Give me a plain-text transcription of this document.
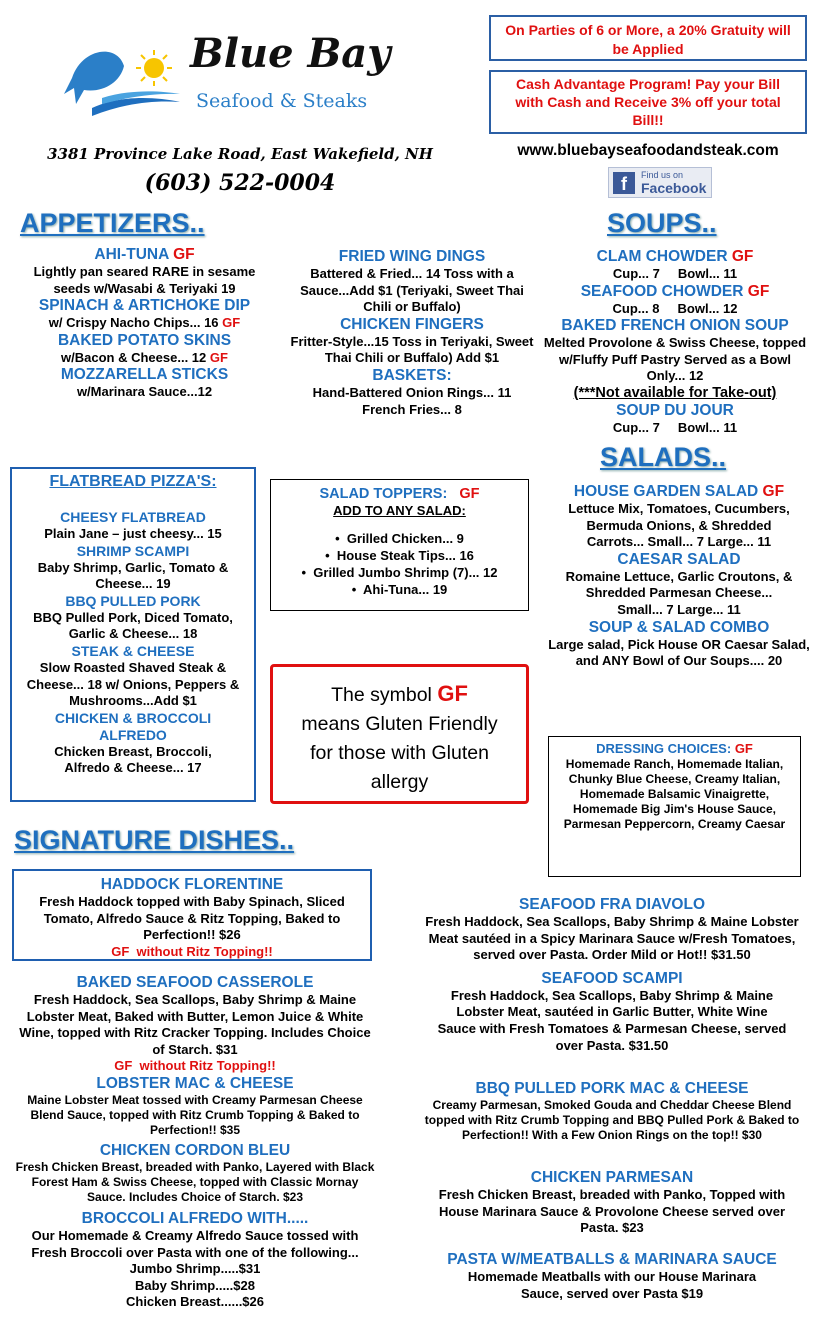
Blue Bay
Seafood & Steaks
3381 Province Lake Road, East Wakefield, NH
(603) 522-0004
On Parties of 6 or More, a 20% Gratuity will be Applied
Cash Advantage Program! Pay your Bill with Cash and Receive 3% off your total Bill!!
www.bluebayseafoodandsteak.com
f	Find us on
Facebook
APPETIZERS..
AHI-TUNA GF
Lightly pan seared RARE in sesame seeds w/Wasabi & Teriyaki 19
SPINACH & ARTICHOKE DIP
w/ Crispy Nacho Chips... 16 GF
BAKED POTATO SKINS
w/Bacon & Cheese... 12 GF
MOZZARELLA STICKS
w/Marinara Sauce...12
FRIED WING DINGS
Battered & Fried... 14 Toss with a Sauce...Add $1 (Teriyaki, Sweet Thai Chili or Buffalo)
CHICKEN FINGERS
Fritter-Style...15 Toss in Teriyaki, Sweet Thai Chili or Buffalo) Add $1
BASKETS:
Hand-Battered Onion Rings... 11
French Fries... 8
SOUPS..
CLAM CHOWDER GF
Cup... 7     Bowl... 11
SEAFOOD CHOWDER GF
Cup... 8     Bowl... 12
BAKED FRENCH ONION SOUP
Melted Provolone & Swiss Cheese, topped w/Fluffy Puff Pastry Served as a Bowl Only... 12
(***Not available for Take-out)
SOUP DU JOUR
Cup... 7     Bowl... 11
SALADS..
HOUSE GARDEN SALAD GF
Lettuce Mix, Tomatoes, Cucumbers, Bermuda Onions, & Shredded Carrots... Small... 7 Large... 11
CAESAR SALAD
Romaine Lettuce, Garlic Croutons, & Shredded Parmesan Cheese... Small... 7 Large... 11
SOUP & SALAD COMBO
Large salad, Pick House OR Caesar Salad, and ANY Bowl of Our Soups.... 20
DRESSING CHOICES: GF
Homemade Ranch, Homemade Italian, Chunky Blue Cheese, Creamy Italian, Homemade Balsamic Vinaigrette, Homemade Big Jim's House Sauce, Parmesan Peppercorn, Creamy Caesar
FLATBREAD PIZZA'S:
CHEESY FLATBREAD
Plain Jane – just cheesy... 15
SHRIMP SCAMPI
Baby Shrimp, Garlic, Tomato & Cheese... 19
BBQ PULLED PORK
BBQ Pulled Pork, Diced Tomato, Garlic & Cheese... 18
STEAK & CHEESE
Slow Roasted Shaved Steak & Cheese... 18 w/ Onions, Peppers & Mushrooms...Add $1
CHICKEN & BROCCOLI ALFREDO
Chicken Breast, Broccoli, Alfredo & Cheese... 17
SALAD TOPPERS: GF
ADD TO ANY SALAD:
•  Grilled Chicken... 9
•  House Steak Tips... 16
•  Grilled Jumbo Shrimp (7)... 12
•  Ahi-Tuna... 19
The symbol GF
means Gluten Friendly
for those with Gluten
allergy
SIGNATURE DISHES..
HADDOCK FLORENTINE
Fresh Haddock topped with Baby Spinach, Sliced Tomato, Alfredo Sauce & Ritz Topping, Baked to Perfection!! $26
GF without Ritz Topping!!
BAKED SEAFOOD CASSEROLE
Fresh Haddock, Sea Scallops, Baby Shrimp & Maine Lobster Meat, Baked with Butter, Lemon Juice & White Wine, topped with Ritz Cracker Topping. Includes Choice of Starch. $31
GF without Ritz Topping!!
LOBSTER MAC & CHEESE
Maine Lobster Meat tossed with Creamy Parmesan Cheese Blend Sauce, topped with Ritz Crumb Topping & Baked to Perfection!! $35
CHICKEN CORDON BLEU
Fresh Chicken Breast, breaded with Panko, Layered with Black Forest Ham & Swiss Cheese, topped with Classic Mornay Sauce. Includes Choice of Starch. $23
BROCCOLI ALFREDO WITH.....
Our Homemade & Creamy Alfredo Sauce tossed with Fresh Broccoli over Pasta with one of the following...
Jumbo Shrimp.....$31
Baby Shrimp.....$28
Chicken Breast......$26
SEAFOOD FRA DIAVOLO
Fresh Haddock, Sea Scallops, Baby Shrimp & Maine Lobster Meat sautéed in a Spicy Marinara Sauce w/Fresh Tomatoes, served over Pasta. Order Mild or Hot!! $31.50
SEAFOOD SCAMPI
Fresh Haddock, Sea Scallops, Baby Shrimp & Maine Lobster Meat, sautéed in Garlic Butter, White Wine Sauce with Fresh Tomatoes & Parmesan Cheese, served over Pasta. $31.50
BBQ PULLED PORK MAC & CHEESE
Creamy Parmesan, Smoked Gouda and Cheddar Cheese Blend topped with Ritz Crumb Topping and BBQ Pulled Pork & Baked to Perfection!! With a Few Onion Rings on the top!! $30
CHICKEN PARMESAN
Fresh Chicken Breast, breaded with Panko, Topped with House Marinara Sauce & Provolone Cheese served over Pasta. $23
PASTA W/MEATBALLS & MARINARA SAUCE
Homemade Meatballs with our House Marinara Sauce, served over Pasta $19
